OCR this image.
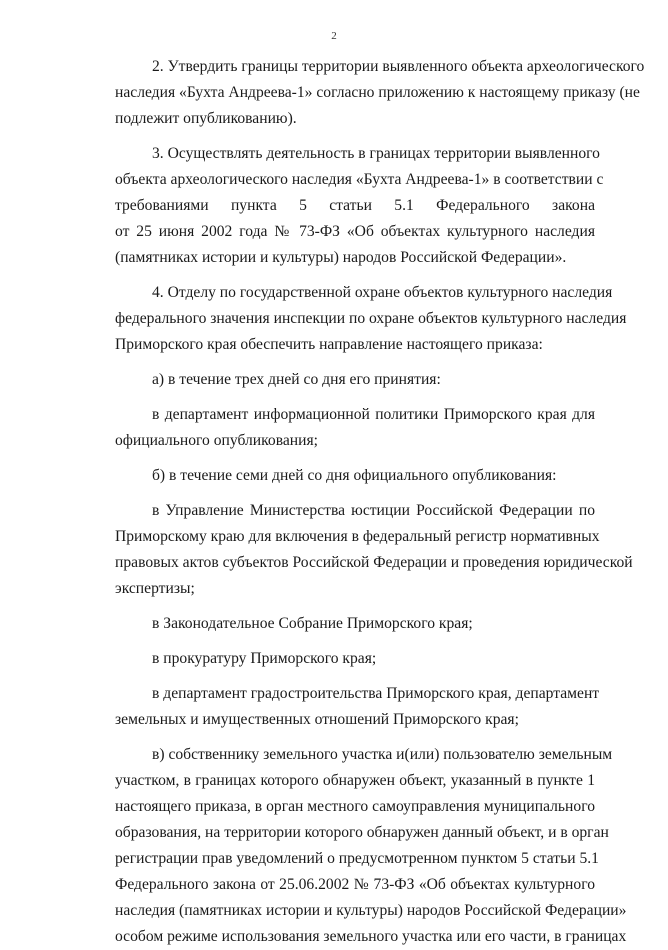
2
2. Утвердить границы территории выявленного объекта археологического
наследия «Бухта Андреева-1» согласно приложению к настоящему приказу (не
подлежит опубликованию).
3. Осуществлять деятельность в границах территории выявленного
объекта археологического наследия «Бухта Андреева-1» в соответствии с
требованиями пункта 5 статьи 5.1 Федерального закона
от 25 июня 2002 года № 73-ФЗ «Об объектах культурного наследия
(памятниках истории и культуры) народов Российской Федерации».
4. Отделу по государственной охране объектов культурного наследия
федерального значения инспекции по охране объектов культурного наследия
Приморского края обеспечить направление настоящего приказа:
а) в течение трех дней со дня его принятия:
в департамент информационной политики Приморского края для
официального опубликования;
б) в течение семи дней со дня официального опубликования:
в Управление Министерства юстиции Российской Федерации по
Приморскому краю для включения в федеральный регистр нормативных
правовых актов субъектов Российской Федерации и проведения юридической
экспертизы;
в Законодательное Собрание Приморского края;
в прокуратуру Приморского края;
в департамент градостроительства Приморского края, департамент
земельных и имущественных отношений Приморского края;
в) собственнику земельного участка и(или) пользователю земельным
участком, в границах которого обнаружен объект, указанный в пункте 1
настоящего приказа, в орган местного самоуправления муниципального
образования, на территории которого обнаружен данный объект, и в орган
регистрации прав уведомлений о предусмотренном пунктом 5 статьи 5.1
Федерального закона от 25.06.2002 № 73-ФЗ «Об объектах культурного
наследия (памятниках истории и культуры) народов Российской Федерации»
особом режиме использования земельного участка или его части, в границах
